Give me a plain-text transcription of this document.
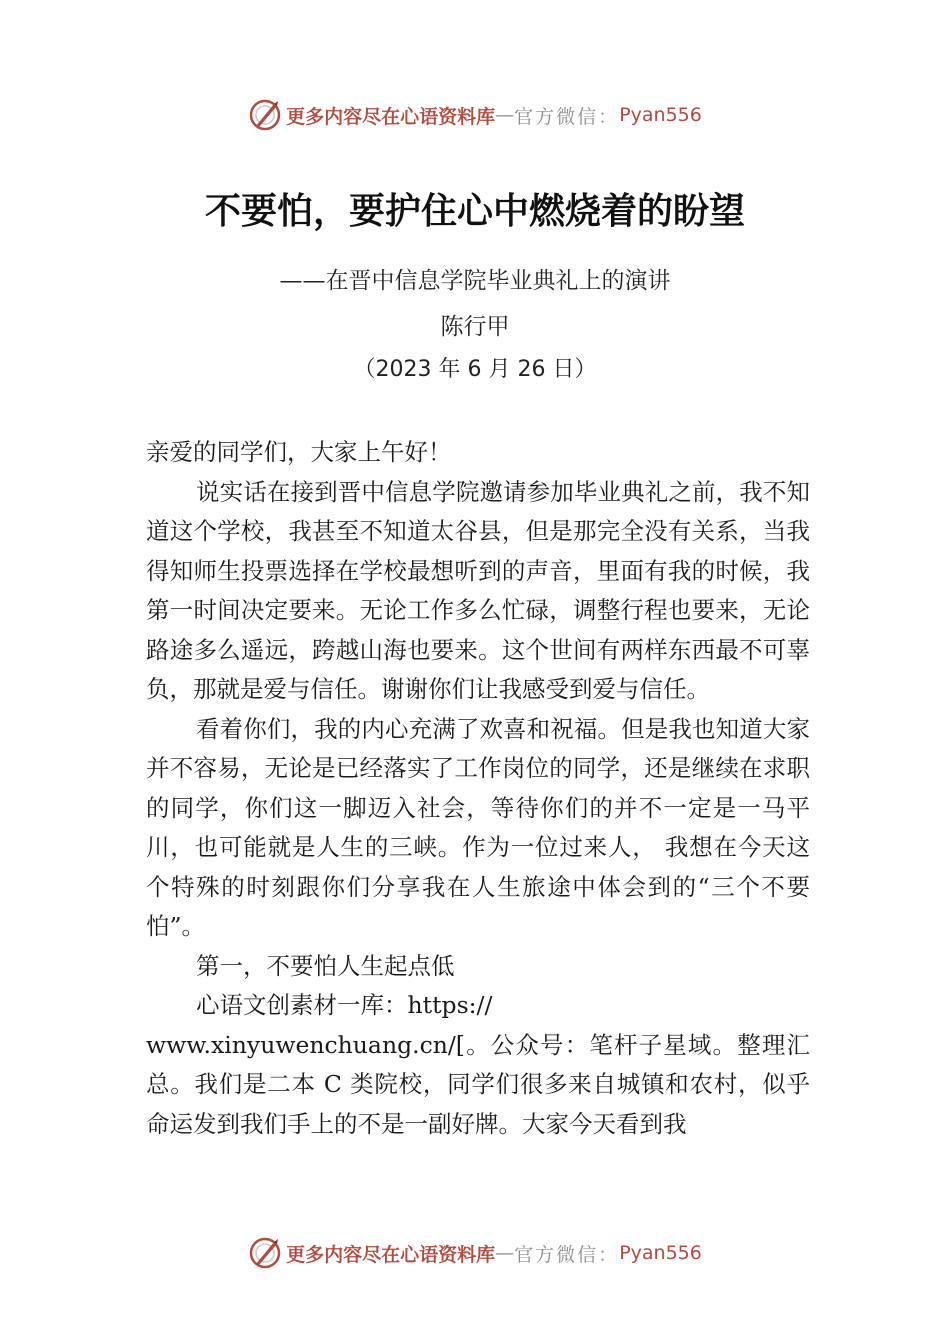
更多内容尽在心语资料库 — 官方微信： Pyan556
不要怕，要护住心中燃烧着的盼望

——在晋中信息学院毕业典礼上的演讲

陈行甲

（2023 年 6 月 26 日）

亲爱的同学们，大家上午好！

说实话在接到晋中信息学院邀请参加毕业典礼之前，我不知道这个学校，我甚至不知道太谷县，但是那完全没有关系，当我得知师生投票选择在学校最想听到的声音，里面有我的时候，我第一时间决定要来。无论工作多么忙碌，调整行程也要来，无论路途多么遥远，跨越山海也要来。这个世间有两样东西最不可辜负，那就是爱与信任。谢谢你们让我感受到爱与信任。

看着你们，我的内心充满了欢喜和祝福。但是我也知道大家并不容易，无论是已经落实了工作岗位的同学，还是继续在求职的同学，你们这一脚迈入社会，等待你们的并不一定是一马平川，也可能就是人生的三峡。作为一位过来人， 我想在今天这个特殊的时刻跟你们分享我在人生旅途中体会到的“三个不要怕”。

第一，不要怕人生起点低

心语文创素材一库：https://

www.xinyuwenchuang.cn/[。公众号：笔杆子星域。整理汇总。我们是二本 C 类院校，同学们很多来自城镇和农村，似乎命运发到我们手上的不是一副好牌。大家今天看到我

更多内容尽在心语资料库 — 官方微信： Pyan556
